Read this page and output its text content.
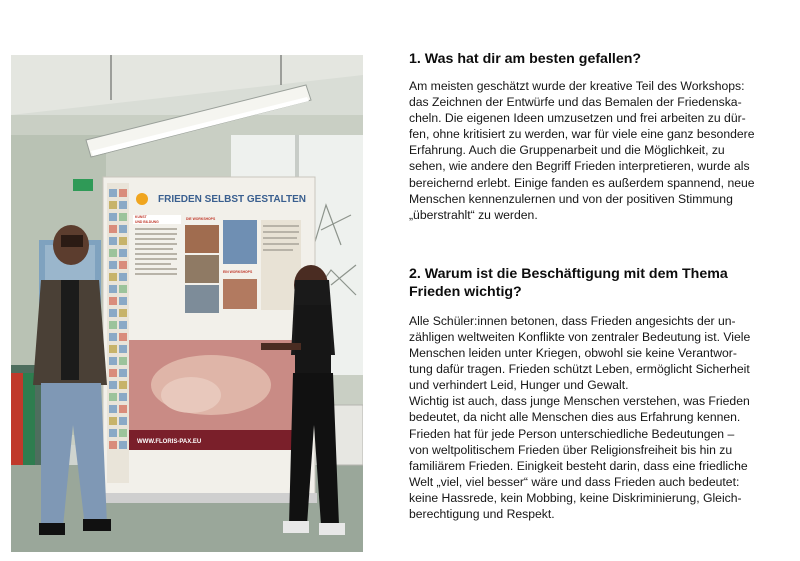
FRIEDEN SELBST GESTALTEN
KUNST
UND BILDUNG
DIE WORKSHOPS
EIN WORKSHOPS
WWW.FLORIS-PAX.EU
1. Was hat dir am besten gefallen?

Am meisten geschätzt wurde der kreative Teil des Workshops:

das Zeichnen der Entwürfe und das Bemalen der Friedenska-

cheln. Die eigenen Ideen umzusetzen und frei arbeiten zu dür-

fen, ohne kritisiert zu werden, war für viele eine ganz besondere

Erfahrung. Auch die Gruppenarbeit und die Möglichkeit, zu

sehen, wie andere den Begriff Frieden interpretieren, wurde als

bereichernd erlebt. Einige fanden es außerdem spannend, neue

Menschen kennenzulernen und von der positiven Stimmung

„überstrahlt“ zu werden.

2. Warum ist die Beschäftigung mit dem Thema
Frieden wichtig?

Alle Schüler:innen betonen, dass Frieden angesichts der un-

zähligen weltweiten Konflikte von zentraler Bedeutung ist. Viele

Menschen leiden unter Kriegen, obwohl sie keine Verantwor-

tung dafür tragen. Frieden schützt Leben, ermöglicht Sicherheit

und verhindert Leid, Hunger und Gewalt.

Wichtig ist auch, dass junge Menschen verstehen, was Frieden

bedeutet, da nicht alle Menschen dies aus Erfahrung kennen.

Frieden hat für jede Person unterschiedliche Bedeutungen –

von weltpolitischem Frieden über Religionsfreiheit bis hin zu

familiärem Frieden. Einigkeit besteht darin, dass eine friedliche

Welt „viel, viel besser“ wäre und dass Frieden auch bedeutet:

keine Hassrede, kein Mobbing, keine Diskriminierung, Gleich-

berechtigung und Respekt.
